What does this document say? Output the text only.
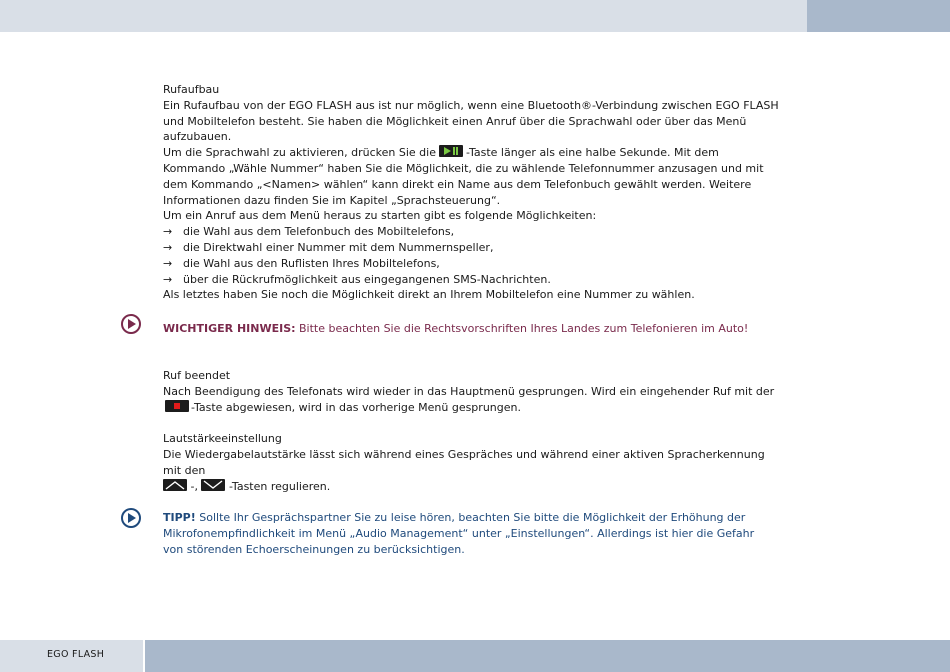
Rufaufbau

Ein Rufaufbau von der EGO FLASH aus ist nur möglich, wenn eine Bluetooth®-Verbindung zwischen EGO FLASH und Mobiltelefon besteht. Sie haben die Möglichkeit einen Anruf über die Sprachwahl oder über das Menü aufzubauen.

Um die Sprachwahl zu aktivieren, drücken Sie die	-Taste länger als eine halbe Sekunde. Mit dem Kommando „Wähle Nummer“ haben Sie die Möglichkeit, die zu wählende Telefonnummer anzusagen und mit dem Kommando „<Namen> wählen“ kann direkt ein Name aus dem Telefonbuch gewählt werden. Weitere Informationen dazu finden Sie im Kapitel „Sprachsteuerung“.

Um ein Anruf aus dem Menü heraus zu starten gibt es folgende Möglichkeiten:

→ die Wahl aus dem Telefonbuch des Mobiltelefons,

→ die Direktwahl einer Nummer mit dem Nummernspeller,

→ die Wahl aus den Ruflisten Ihres Mobiltelefons,

→ über die Rückrufmöglichkeit aus eingegangenen SMS-Nachrichten.

Als letztes haben Sie noch die Möglichkeit direkt an Ihrem Mobiltelefon eine Nummer zu wählen.

WICHTIGER HINWEIS: Bitte beachten Sie die Rechtsvorschriften Ihres Landes zum Telefonieren im Auto!

Ruf beendet

Nach Beendigung des Telefonats wird wieder in das Hauptmenü gesprungen. Wird ein eingehender Ruf mit der
-Taste abgewiesen, wird in das vorherige Menü gesprungen.

Lautstärkeeinstellung

Die Wiedergabelautstärke lässt sich während eines Gespräches und während einer aktiven Spracherkennung mit den

-,
-Tasten regulieren.

TIPP! Sollte Ihr Gesprächspartner Sie zu leise hören, beachten Sie bitte die Möglichkeit der Erhöhung der Mikrofonempfindlichkeit im Menü „Audio Management“ unter „Einstellungen“. Allerdings ist hier die Gefahr von störenden Echoerscheinungen zu berücksichtigen.
EGO FLASH
